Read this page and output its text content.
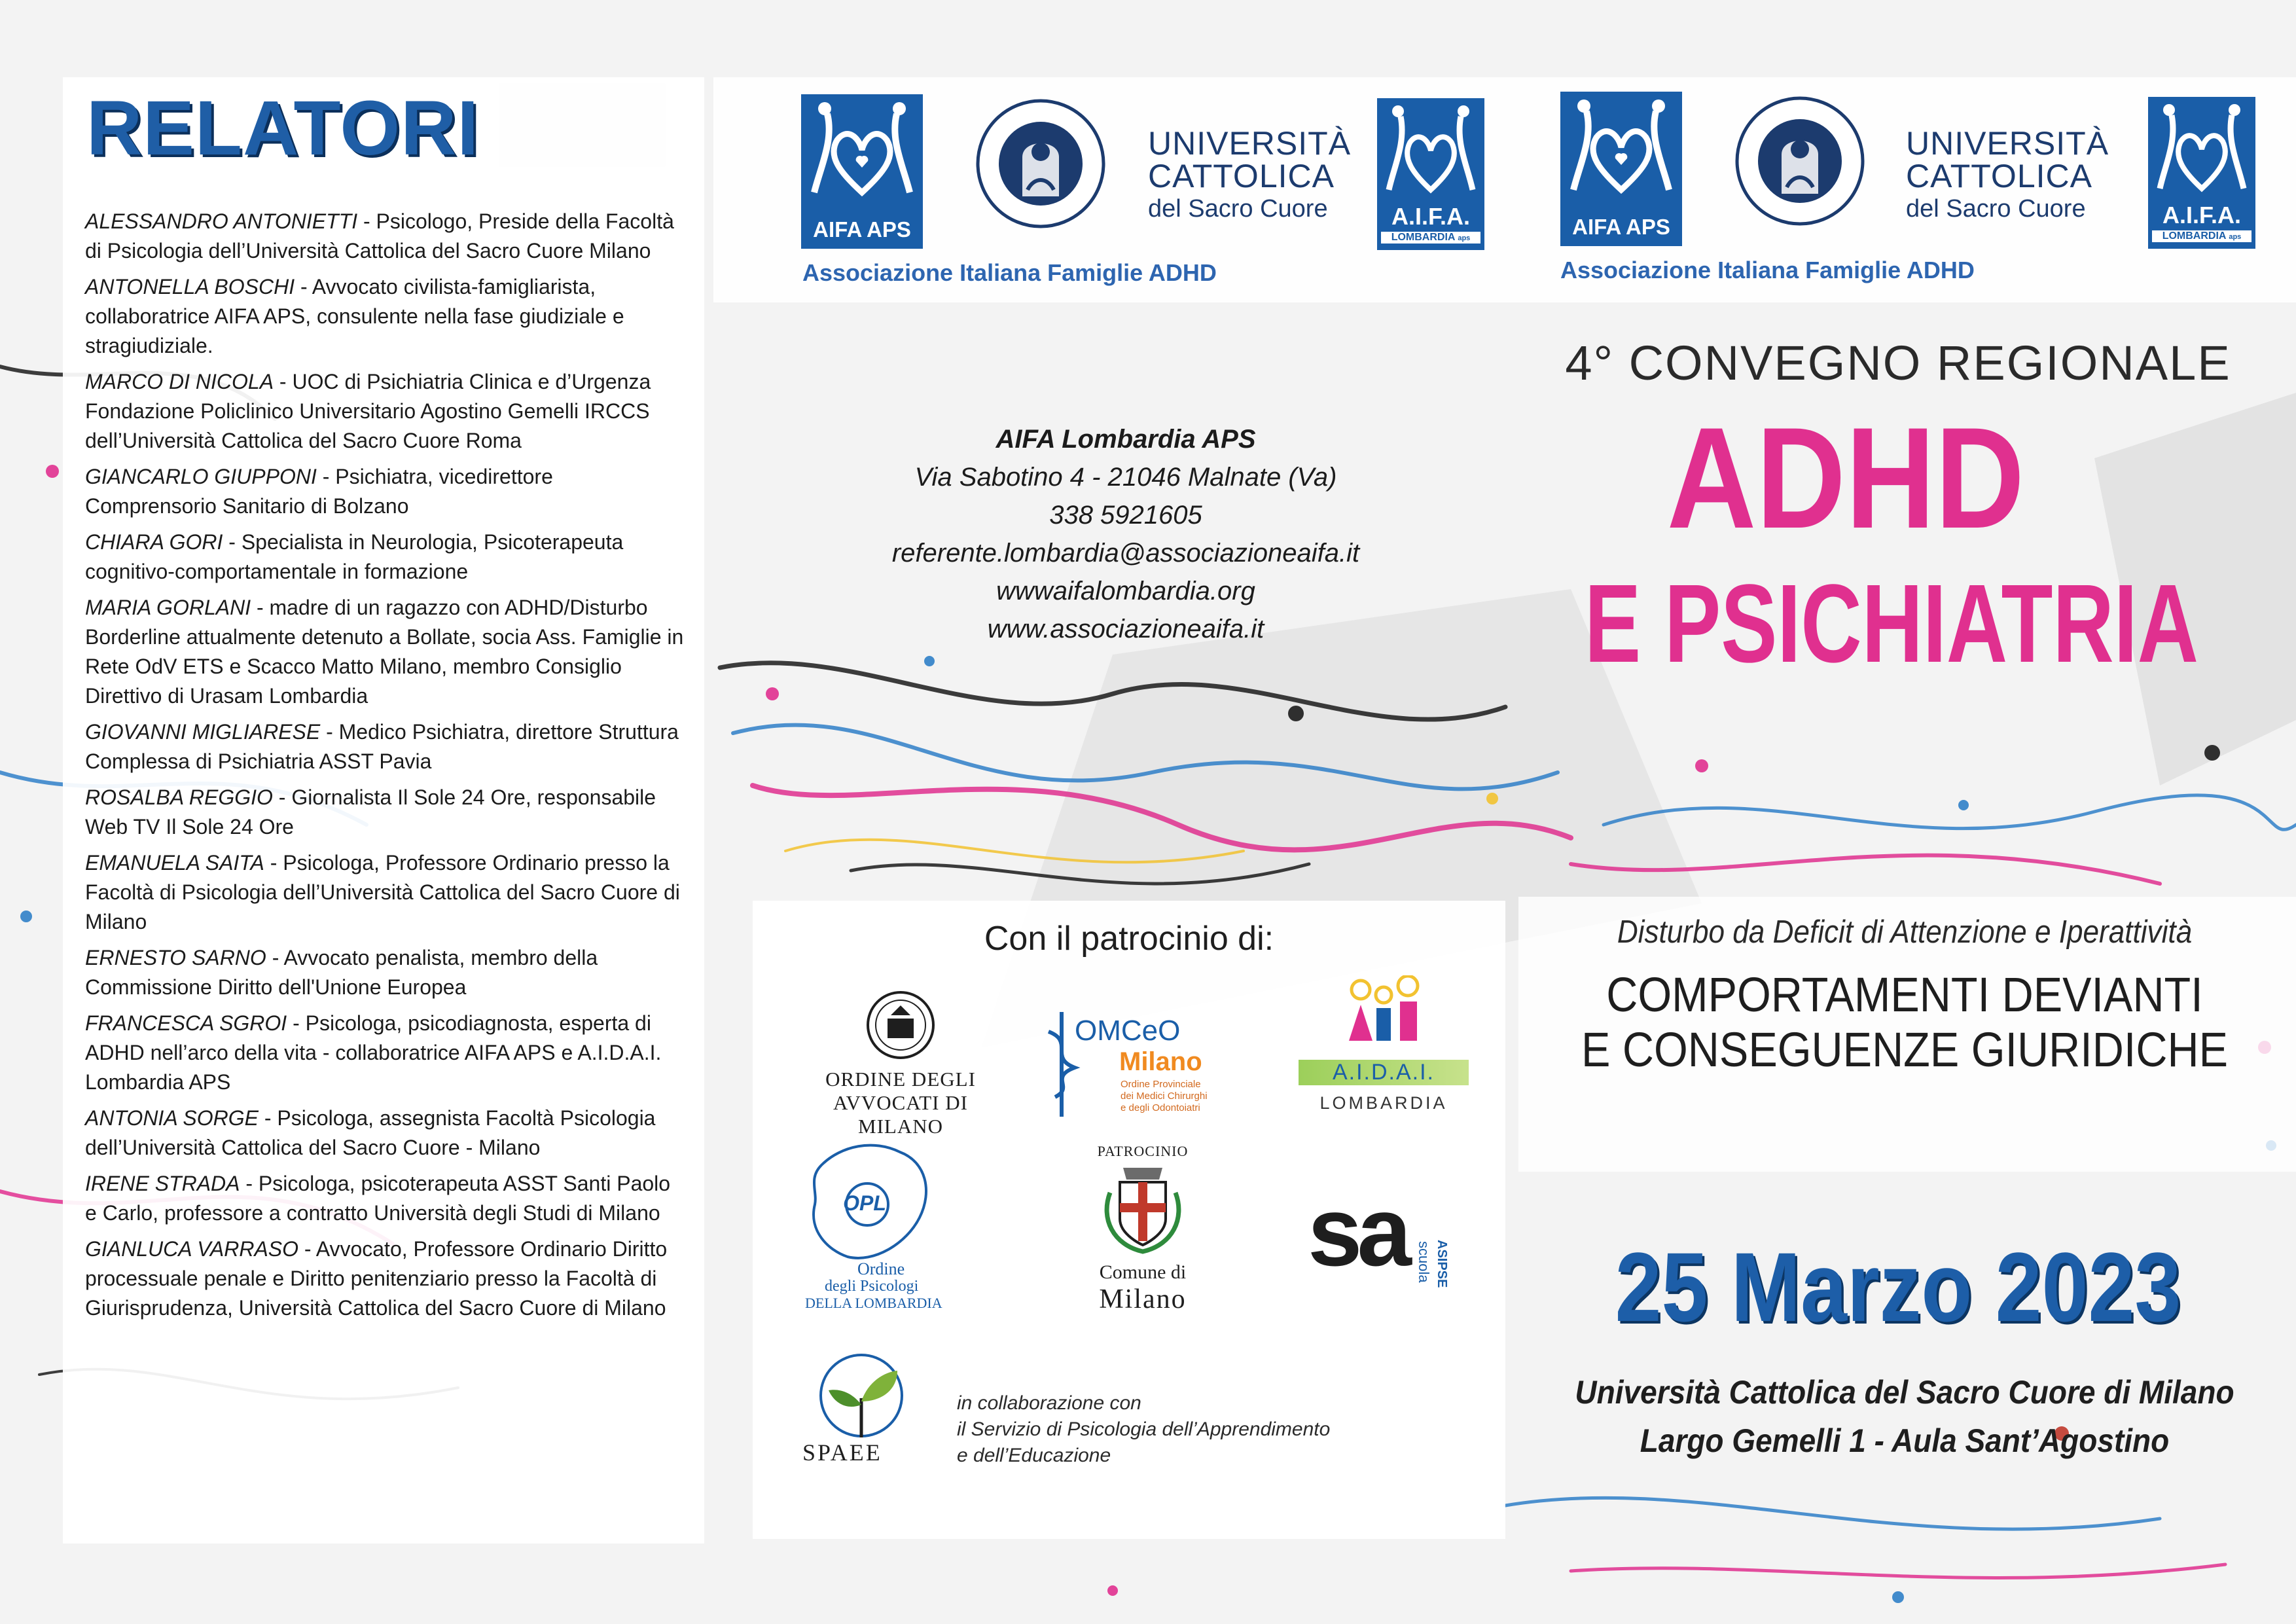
RELATORI
ALESSANDRO ANTONIETTI - Psicologo, Preside della Facoltà di Psicologia dell’Università Cattolica del Sacro Cuore Milano
ANTONELLA BOSCHI - Avvocato civilista-famigliarista, collaboratrice AIFA APS, consulente nella fase giudiziale e stragiudiziale.
MARCO DI NICOLA - UOC di Psichiatria Clinica e d’Urgenza Fondazione Policlinico Universitario Agostino Gemelli IRCCS dell’Università Cattolica del Sacro Cuore Roma
GIANCARLO GIUPPONI - Psichiatra, vicedirettore Comprensorio Sanitario di Bolzano
CHIARA GORI - Specialista in Neurologia, Psicoterapeuta cognitivo-comportamentale in formazione
MARIA GORLANI - madre di un ragazzo con ADHD/Disturbo Borderline attualmente detenuto a Bollate, socia Ass. Famiglie in Rete OdV ETS e Scacco Matto Milano, membro Consiglio Direttivo di Urasam Lombardia
GIOVANNI MIGLIARESE - Medico Psichiatra, direttore Struttura Complessa di Psichiatria ASST Pavia
ROSALBA REGGIO - Giornalista Il Sole 24 Ore, responsabile Web TV Il Sole 24 Ore
EMANUELA SAITA - Psicologa, Professore Ordinario presso la Facoltà di Psicologia dell’Università Cattolica del Sacro Cuore di Milano
ERNESTO SARNO - Avvocato penalista, membro della Commissione Diritto dell'Unione Europea
FRANCESCA SGROI - Psicologa, psicodiagnosta, esperta di ADHD nell’arco della vita - collaboratrice AIFA APS e A.I.D.A.I. Lombardia APS
ANTONIA SORGE - Psicologa, assegnista Facoltà Psicologia dell’Università Cattolica del Sacro Cuore - Milano
IRENE STRADA - Psicologa, psicoterapeuta ASST Santi Paolo e Carlo, professore a contratto Università degli Studi di Milano
GIANLUCA VARRASO - Avvocato, Professore Ordinario Diritto processuale penale e Diritto penitenziario presso la Facoltà di Giurisprudenza, Università Cattolica del Sacro Cuore di Milano
AIFA APS
UNIVERSITÀ
CATTOLICA
del Sacro Cuore	A.I.F.A.
LOMBARDIA aps
Associazione Italiana Famiglie ADHD
AIFA APS
UNIVERSITÀ
CATTOLICA
del Sacro Cuore	A.I.F.A.
LOMBARDIA aps
Associazione Italiana Famiglie ADHD
AIFA Lombardia APS
Via Sabotino 4 - 21046 Malnate (Va)
338 5921605
referente.lombardia@associazioneaifa.it
wwwaifalombardia.org
www.associazioneaifa.it
4° CONVEGNO REGIONALE
ADHD
E PSICHIATRIA
Disturbo da Deficit di Attenzione e Iperattività
COMPORTAMENTI DEVIANTI
E CONSEGUENZE GIURIDICHE
25 Marzo 2023
Università Cattolica del Sacro Cuore di Milano
Largo Gemelli 1 - Aula Sant’Agostino
Con il patrocinio di:
ORDINE DEGLI
AVVOCATI DI MILANO
OMCeO
Milano
Ordine Provinciale
dei Medici Chirurghi
e degli Odontoiatri
A.I.D.A.I.
LOMBARDIA
OPL
Ordine
degli Psicologi
DELLA LOMBARDIA
PATROCINIO
Comune di
Milano
sa scuola ASIPSE
SPAEE
in collaborazione con
il Servizio di Psicologia dell’Apprendimento
e dell’Educazione
